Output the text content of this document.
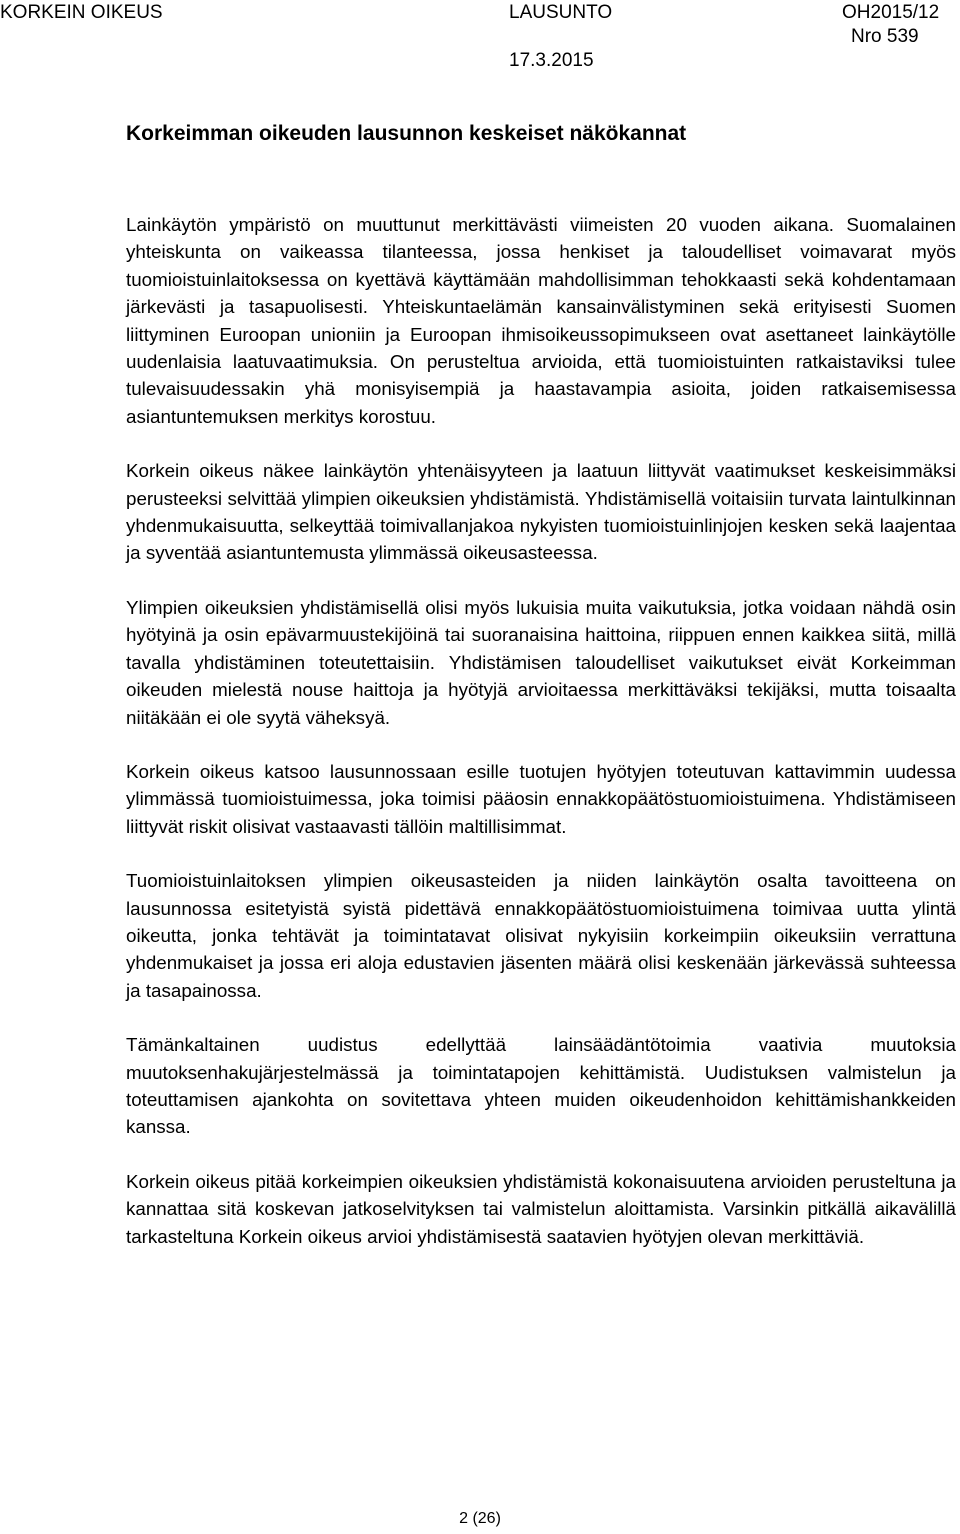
KORKEIN OIKEUS	LAUSUNTO
17.3.2015
OH2015/12
Nro 539
Korkeimman oikeuden lausunnon keskeiset näkökannat

Lainkäytön ympäristö on muuttunut merkittävästi viimeisten 20 vuoden aikana. Suomalainen yhteiskunta on vaikeassa tilanteessa, jossa henkiset ja taloudelliset voimavarat myös tuomioistuinlaitoksessa on kyettävä käyttämään mahdollisimman tehokkaasti sekä kohdentamaan järkevästi ja tasapuolisesti. Yhteiskuntaelämän kansainvälistyminen sekä erityisesti Suomen liittyminen Euroopan unioniin ja Euroopan ihmisoikeussopimukseen ovat asettaneet lainkäytölle uudenlaisia laatuvaatimuksia. On perusteltua arvioida, että tuomioistuinten ratkaistaviksi tulee tulevaisuudessakin yhä monisyisempiä ja haastavampia asioita, joiden ratkaisemisessa asiantuntemuksen merkitys korostuu.

Korkein oikeus näkee lainkäytön yhtenäisyyteen ja laatuun liittyvät vaatimukset keskeisimmäksi perusteeksi selvittää ylimpien oikeuksien yhdistämistä. Yhdistämisellä voitaisiin turvata laintulkinnan yhdenmukaisuutta, selkeyttää toimivallanjakoa nykyisten tuomioistuinlinjojen kesken sekä laajentaa ja syventää asiantuntemusta ylimmässä oikeusasteessa.

Ylimpien oikeuksien yhdistämisellä olisi myös lukuisia muita vaikutuksia, jotka voidaan nähdä osin hyötyinä ja osin epävarmuustekijöinä tai suoranaisina haittoina, riippuen ennen kaikkea siitä, millä tavalla yhdistäminen toteutettaisiin. Yhdistämisen taloudelliset vaikutukset eivät Korkeimman oikeuden mielestä nouse haittoja ja hyötyjä arvioitaessa merkittäväksi tekijäksi, mutta toisaalta niitäkään ei ole syytä väheksyä.

Korkein oikeus katsoo lausunnossaan esille tuotujen hyötyjen toteutuvan kattavimmin uudessa ylimmässä tuomioistuimessa, joka toimisi pääosin ennakkopäätöstuomioistuimena. Yhdistämiseen liittyvät riskit olisivat vastaavasti tällöin maltillisimmat.

Tuomioistuinlaitoksen ylimpien oikeusasteiden ja niiden lainkäytön osalta tavoitteena on lausunnossa esitetyistä syistä pidettävä ennakkopäätöstuomioistuimena toimivaa uutta ylintä oikeutta, jonka tehtävät ja toimintatavat olisivat nykyisiin korkeimpiin oikeuksiin verrattuna yhdenmukaiset ja jossa eri aloja edustavien jäsenten määrä olisi keskenään järkevässä suhteessa ja tasapainossa.

Tämänkaltainen uudistus edellyttää lainsäädäntötoimia vaativia muutoksia muutoksenhakujärjestelmässä ja toimintatapojen kehittämistä. Uudistuksen valmistelun ja toteuttamisen ajankohta on sovitettava yhteen muiden oikeudenhoidon kehittämishankkeiden kanssa.

Korkein oikeus pitää korkeimpien oikeuksien yhdistämistä kokonaisuutena arvioiden perusteltuna ja kannattaa sitä koskevan jatkoselvityksen tai valmistelun aloittamista. Varsinkin pitkällä aikavälillä tarkasteltuna Korkein oikeus arvioi yhdistämisestä saatavien hyötyjen olevan merkittäviä.

2 (26)
